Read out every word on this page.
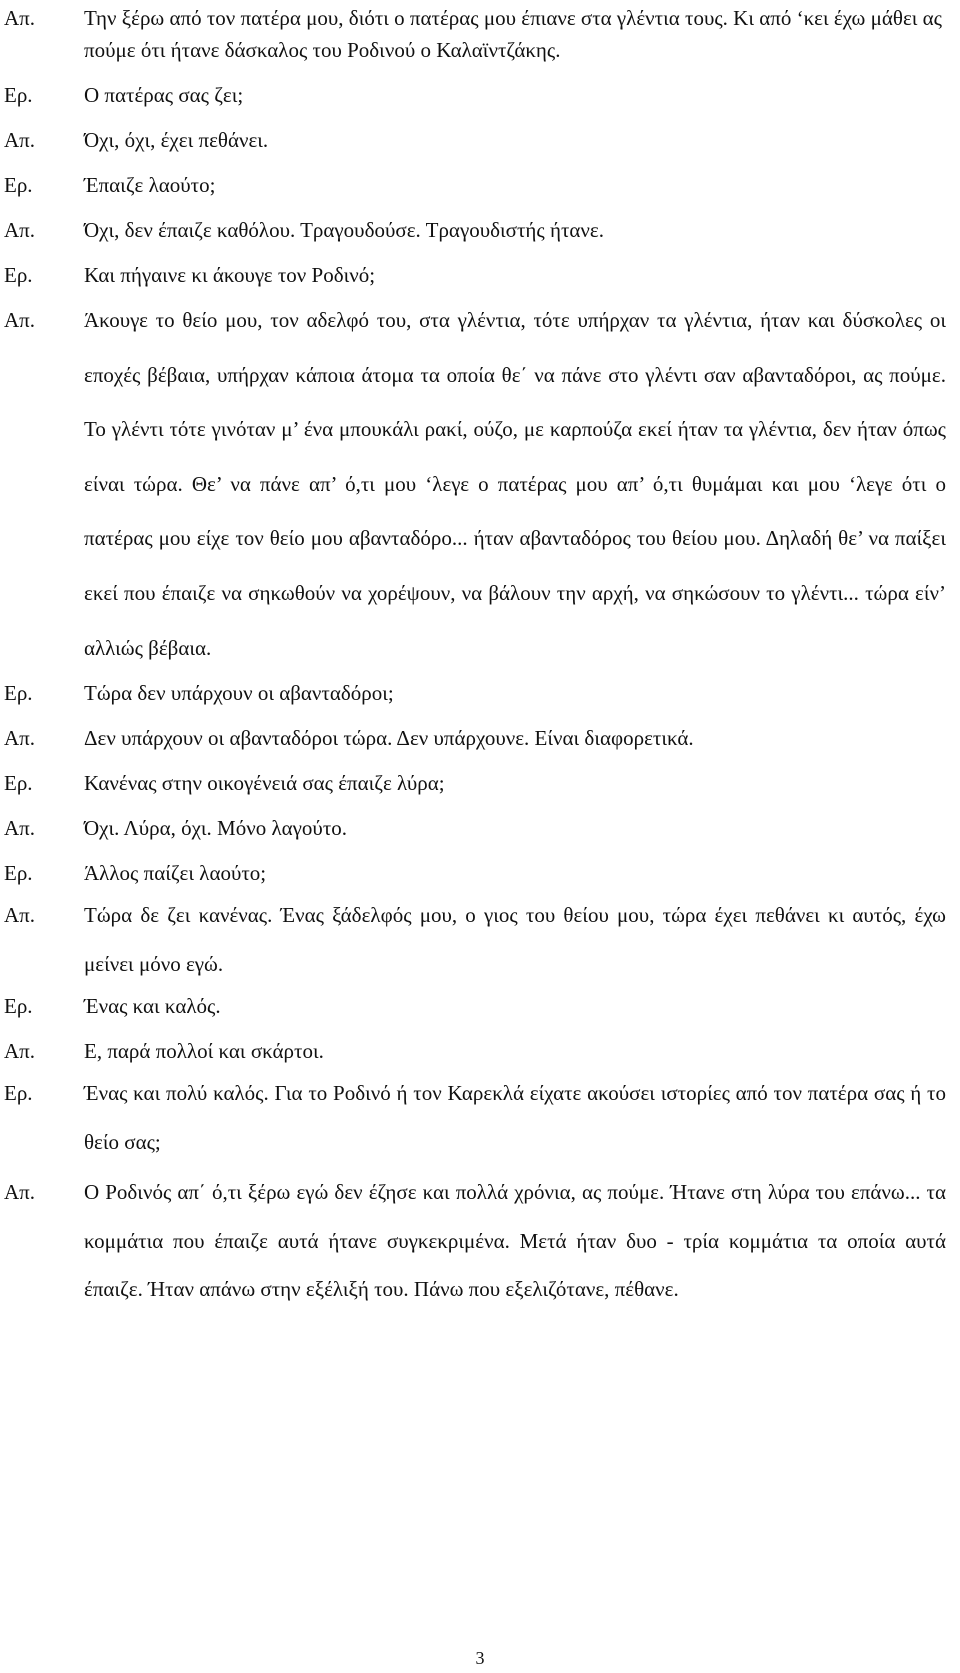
Απ.	Την ξέρω από τον πατέρα μου, διότι ο πατέρας μου έπιανε στα γλέντια τους. Κι από ‘κει έχω μάθει ας πούμε ότι ήτανε δάσκαλος του Ροδινού ο Καλαϊντζάκης.
Ερ.	Ο πατέρας σας ζει;
Απ.	Όχι, όχι, έχει πεθάνει.
Ερ.	Έπαιζε λαούτο;
Απ.	Όχι, δεν έπαιζε καθόλου. Τραγουδούσε. Τραγουδιστής ήτανε.
Ερ.	Και πήγαινε κι άκουγε τον Ροδινό;
Απ.	Άκουγε το θείο μου, τον αδελφό του, στα γλέντια, τότε υπήρχαν τα γλέντια, ήταν και δύσκολες οι εποχές βέβαια, υπήρχαν κάποια άτομα τα οποία θε΄ να πάνε στο γλέντι σαν αβανταδόροι, ας πούμε. Το γλέντι τότε γινόταν μ’ ένα μπουκάλι ρακί, ούζο, με καρπούζα εκεί ήταν τα γλέντια, δεν ήταν όπως είναι τώρα. Θε’ να πάνε απ’ ό,τι μου ‘λεγε ο πατέρας μου απ’ ό,τι θυμάμαι και μου ‘λεγε ότι ο πατέρας μου είχε τον θείο μου αβανταδόρο... ήταν αβανταδόρος του θείου μου. Δηλαδή θε’ να παίξει εκεί που έπαιζε να σηκωθούν να χορέψουν, να βάλουν την αρχή, να σηκώσουν το γλέντι... τώρα είν’ αλλιώς βέβαια.
Ερ.	Τώρα δεν υπάρχουν οι αβανταδόροι;
Απ.	Δεν υπάρχουν οι αβανταδόροι τώρα. Δεν υπάρχουνε. Είναι διαφορετικά.
Ερ.	Κανένας στην οικογένειά σας έπαιζε λύρα;
Απ.	Όχι. Λύρα, όχι. Μόνο λαγούτο.
Ερ.	Άλλος παίζει λαούτο;
Απ.	Τώρα δε ζει κανένας. Ένας ξάδελφός μου, ο γιος του θείου μου, τώρα έχει πεθάνει κι αυτός, έχω μείνει μόνο εγώ.
Ερ.	Ένας και καλός.
Απ.	Ε, παρά πολλοί και σκάρτοι.
Ερ.	Ένας και πολύ καλός. Για το Ροδινό ή τον Καρεκλά είχατε ακούσει ιστορίες από τον πατέρα σας ή το θείο σας;
Απ.	Ο Ροδινός απ΄ ό,τι ξέρω εγώ δεν έζησε και πολλά χρόνια, ας πούμε. Ήτανε στη λύρα του επάνω... τα κομμάτια που έπαιζε αυτά ήτανε συγκεκριμένα. Μετά ήταν δυο - τρία κομμάτια τα οποία αυτά έπαιζε. Ήταν απάνω στην εξέλιξή του. Πάνω που εξελιζότανε, πέθανε.
3
